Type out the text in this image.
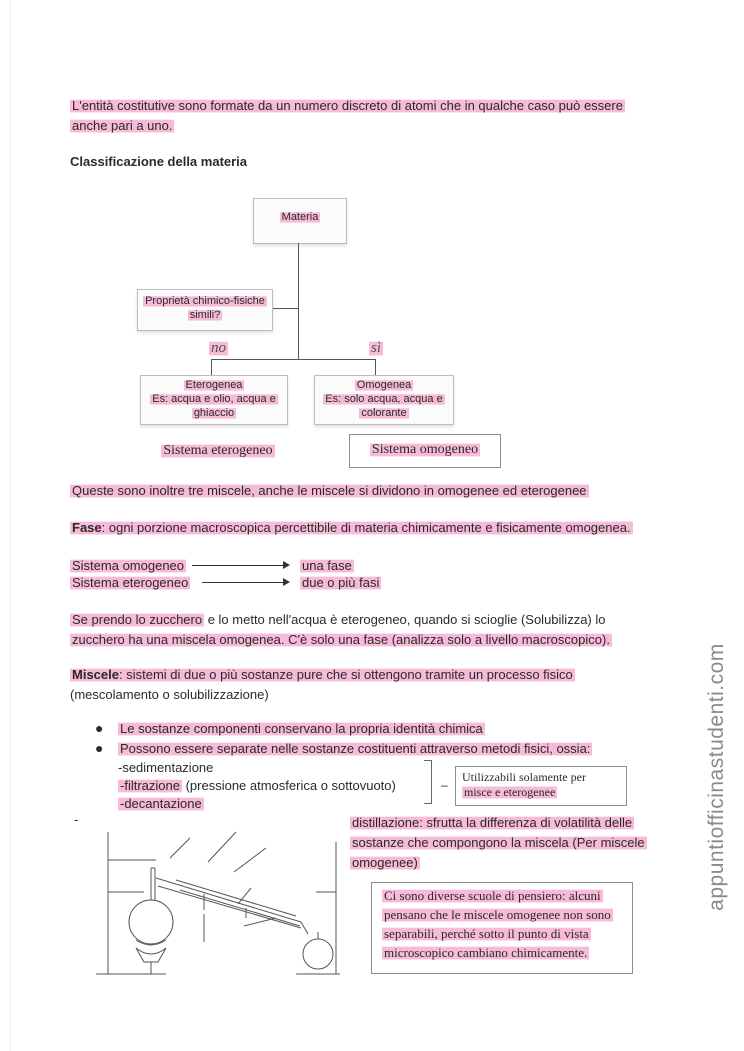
L'entità costitutive sono formate da un numero discreto di atomi che in qualche caso può essere
anche pari a uno.
Classificazione della materia
Materia
Proprietà chimico-fisiche
simili?
no	sì
Eterogenea
Es: acqua e olio, acqua e
ghiaccio
Omogenea
Es: solo acqua, acqua e
colorante
Sistema eterogeneo	Sistema omogeneo
Queste sono inoltre tre miscele, anche le miscele si dividono in omogenee ed eterogenee
Fase: ogni porzione macroscopica percettibile di materia chimicamente e fisicamente omogenea.
Sistema omogeneo	una fase
Sistema eterogeneo	due o più fasi
Se prendo lo zucchero e lo metto nell'acqua è eterogeneo, quando si scioglie (Solubilizza) lo
zucchero ha una miscela omogenea. C'è solo una fase (analizza solo a livello macroscopico).
Miscele: sistemi di due o più sostanze pure che si ottengono tramite un processo fisico
(mescolamento o solubilizzazione)
● Le sostanze componenti conservano la propria identità chimica
● Possono essere separate nelle sostanze costituenti attraverso metodi fisici, ossia:
-sedimentazione
-filtrazione (pressione atmosferica o sottovuoto)
-decantazione
–
Utilizzabili solamente per
misce e eterogenee
-	distillazione: sfrutta la differenza di volatilità delle
sostanze che compongono la miscela (Per miscele
omogenee)
Ci sono diverse scuole di pensiero: alcuni
pensano che le miscele omogenee non sono
separabili, perché sotto il punto di vista
microscopico cambiano chimicamente.
appuntiofficinastudenti.com
